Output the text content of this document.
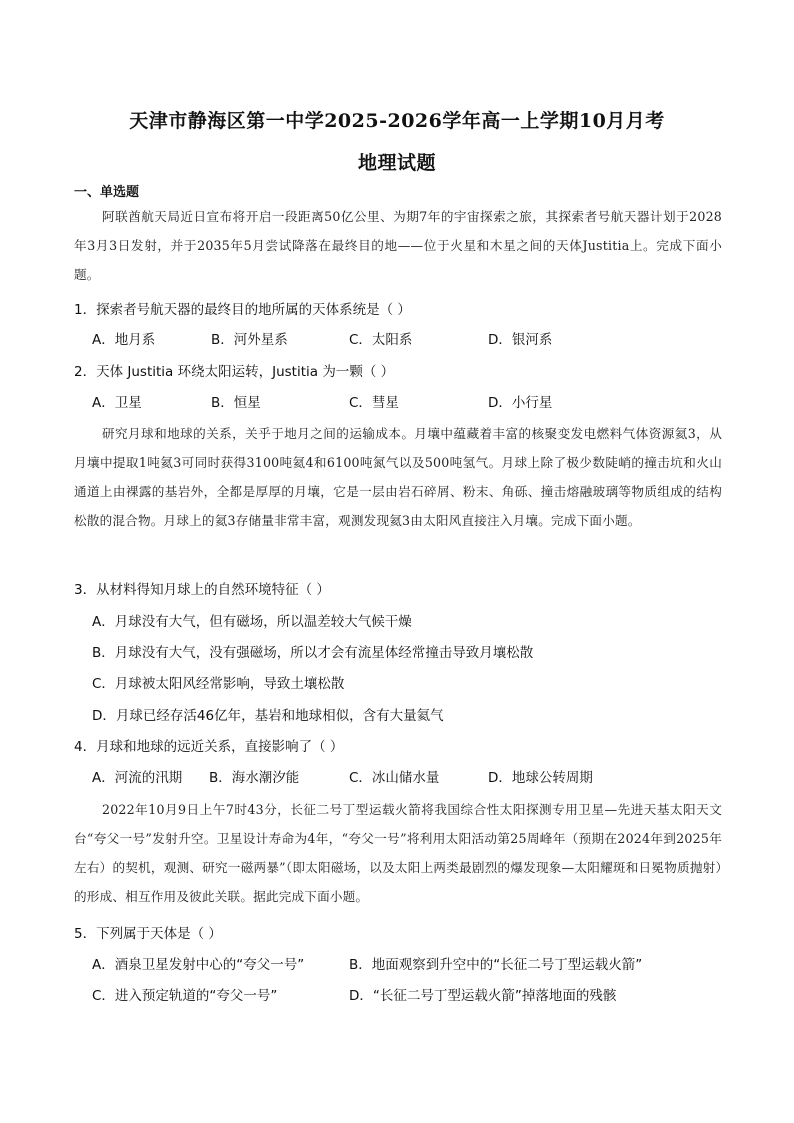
天津市静海区第一中学2025-2026学年高一上学期10月月考
地理试题
一、单选题
阿联酋航天局近日宣布将开启一段距离50亿公里、为期7年的宇宙探索之旅，其探索者号航天器计划于2028年3月3日发射，并于2035年5月尝试降落在最终目的地——位于火星和木星之间的天体Justitia上。完成下面小题。
1．探索者号航天器的最终目的地所属的天体系统是（ ）
A．地月系	B．河外星系	C．太阳系	D．银河系
2．天体 Justitia 环绕太阳运转，Justitia 为一颗（ ）
A．卫星	B．恒星	C．彗星	D．小行星
研究月球和地球的关系，关乎于地月之间的运输成本。月壤中蕴藏着丰富的核聚变发电燃料气体资源氦3，从月壤中提取1吨氦3可同时获得3100吨氦4和6100吨氮气以及500吨氢气。月球上除了极少数陡峭的撞击坑和火山通道上由裸露的基岩外，全都是厚厚的月壤，它是一层由岩石碎屑、粉末、角砾、撞击熔融玻璃等物质组成的结构松散的混合物。月球上的氦3存储量非常丰富，观测发现氦3由太阳风直接注入月壤。完成下面小题。
3．从材料得知月球上的自然环境特征（ ）
A．月球没有大气，但有磁场，所以温差较大气候干燥
B．月球没有大气，没有强磁场，所以才会有流星体经常撞击导致月壤松散
C．月球被太阳风经常影响，导致土壤松散
D．月球已经存活46亿年，基岩和地球相似，含有大量氦气
4．月球和地球的远近关系，直接影响了（ ）
A．河流的汛期 B．海水潮汐能	C．冰山储水量	D．地球公转周期
2022年10月9日上午7时43分，长征二号丁型运载火箭将我国综合性太阳探测专用卫星—先进天基太阳天文台“夸父一号”发射升空。卫星设计寿命为4年，“夸父一号”将利用太阳活动第25周峰年（预期在2024年到2025年左右）的契机，观测、研究一磁两暴”（即太阳磁场，以及太阳上两类最剧烈的爆发现象—太阳耀斑和日冕物质抛射）的形成、相互作用及彼此关联。据此完成下面小题。
5．下列属于天体是（ ）
A．酒泉卫星发射中心的“夸父一号”	B．地面观察到升空中的“长征二号丁型运载火箭”
C．进入预定轨道的“夸父一号”	D．“长征二号丁型运载火箭”掉落地面的残骸
